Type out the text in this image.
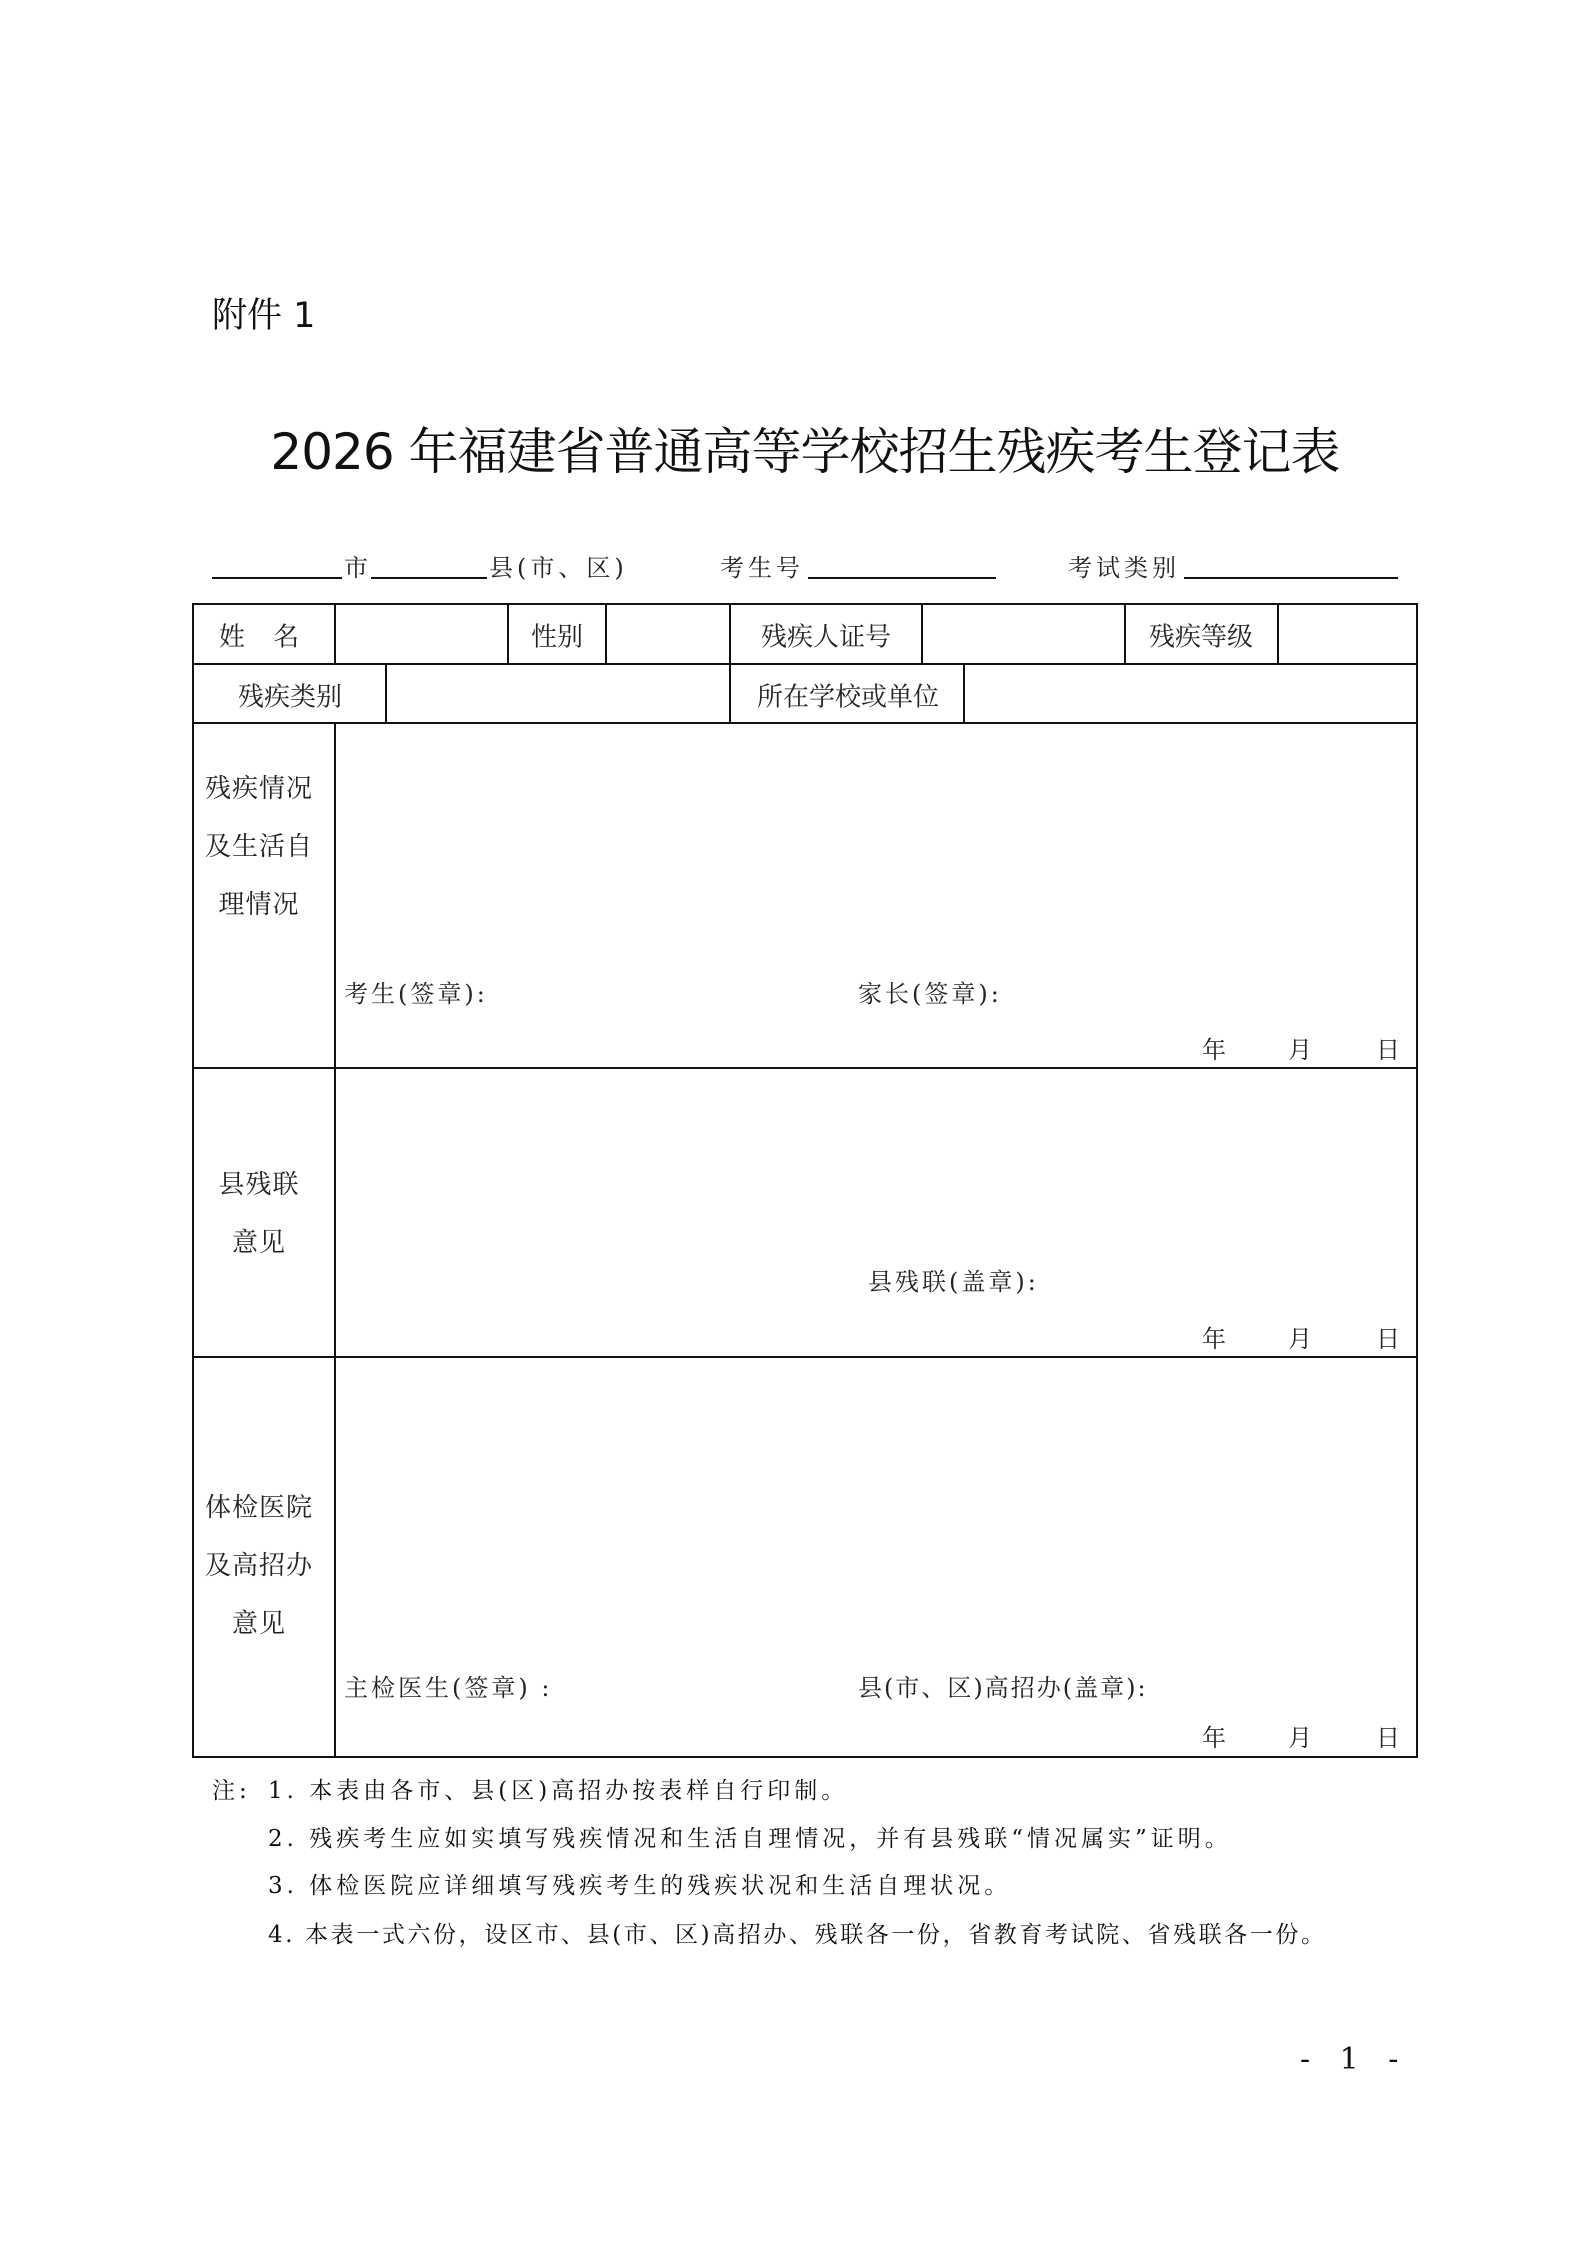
附件 1
2026 年福建省普通高等学校招生残疾考生登记表
市	县(市、区)	考生号	考试类别
姓 名	性别	残疾人证号	残疾等级
残疾类别	所在学校或单位
残疾情况
及生活自
理情况
考生(签章):	家长(签章):
年	月	日
县残联
意见
县残联(盖章):
年	月	日
体检医院
及高招办
意见
主检医生(签章) :	县(市、区)高招办(盖章):
年	月	日
注: 1. 本表由各市、县(区)高招办按表样自行印制。
2. 残疾考生应如实填写残疾情况和生活自理情况，并有县残联“情况属实”证明。
3. 体检医院应详细填写残疾考生的残疾状况和生活自理状况。
4. 本表一式六份，设区市、县(市、区)高招办、残联各一份，省教育考试院、省残联各一份。
- 1 -
